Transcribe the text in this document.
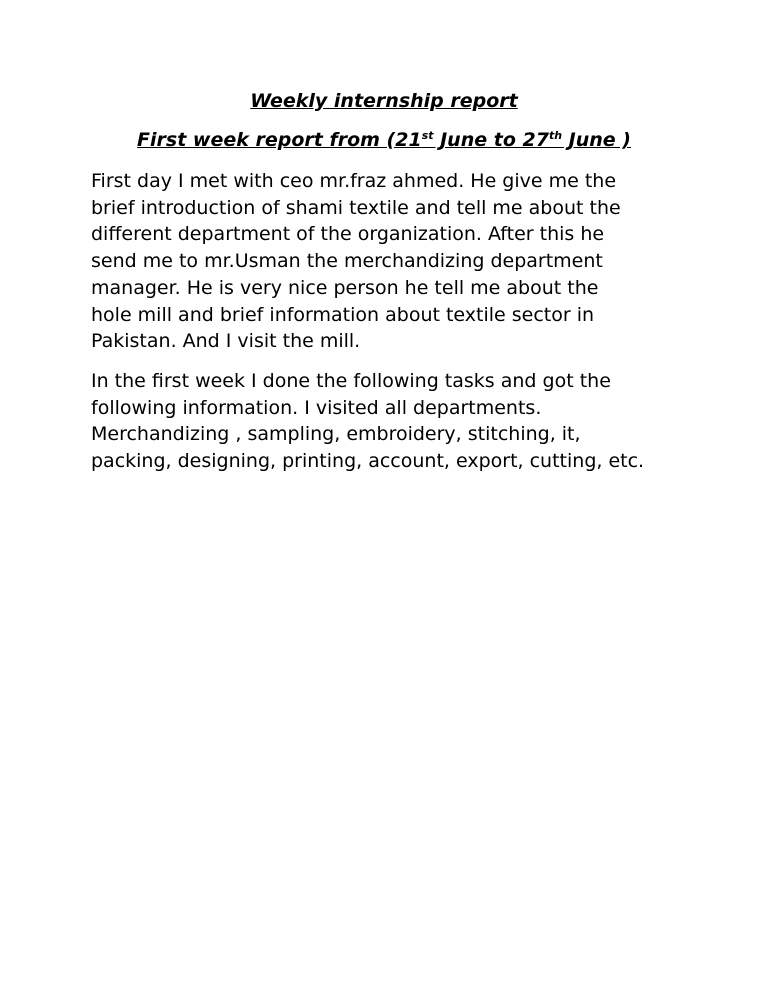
Weekly internship report
First week report from (21st June to 27th June )

First day I met with ceo mr.fraz ahmed. He give me the
brief introduction of shami textile and tell me about the
different department of the organization. After this he
send me to mr.Usman the merchandizing department
manager. He is very nice person he tell me about the
hole mill and brief information about textile sector in
Pakistan. And I visit the mill.

In the first week I done the following tasks and got the
following information. I visited all departments.
Merchandizing , sampling, embroidery, stitching, it,
packing, designing, printing, account, export, cutting, etc.
